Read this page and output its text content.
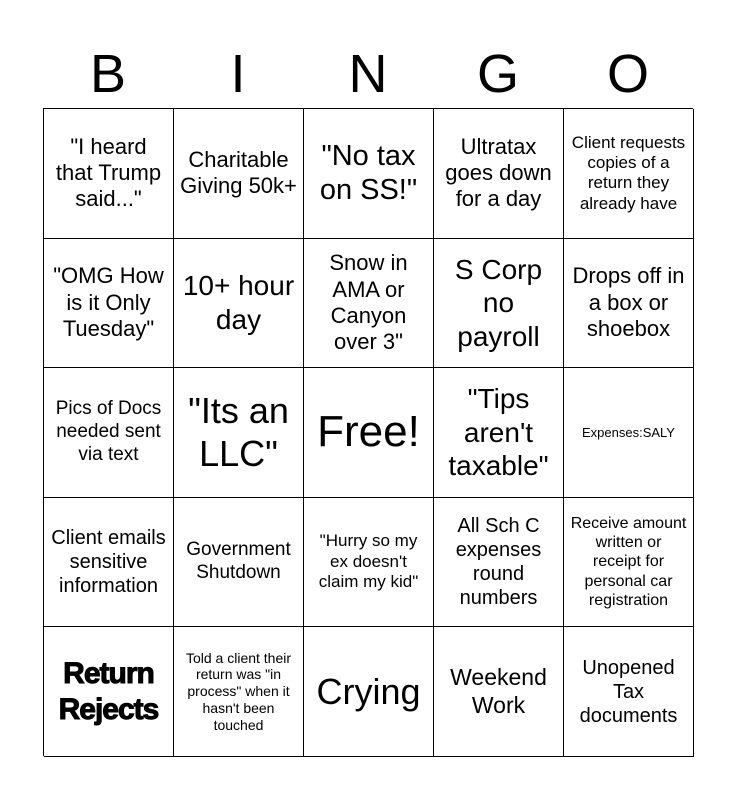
B	I	N	G	O
"I heard that Trump said..."
Charitable Giving 50k+
"No tax on SS!"
Ultratax goes down for a day
Client requests copies of a return they already have
"OMG How is it Only Tuesday"
10+ hour day
Snow in AMA or Canyon over 3"
S Corp no payroll
Drops off in a box or shoebox
Pics of Docs needed sent via text
"Its an LLC" Free!
"Tips aren't taxable"
Expenses:SALY
Client emails sensitive information
Government Shutdown
"Hurry so my ex doesn't claim my kid"
All Sch C expenses round numbers
Receive amount written or receipt for personal car registration
Return Rejects
Told a client their return was "in process" when it hasn't been touched
Crying	Weekend Work
Unopened Tax documents
